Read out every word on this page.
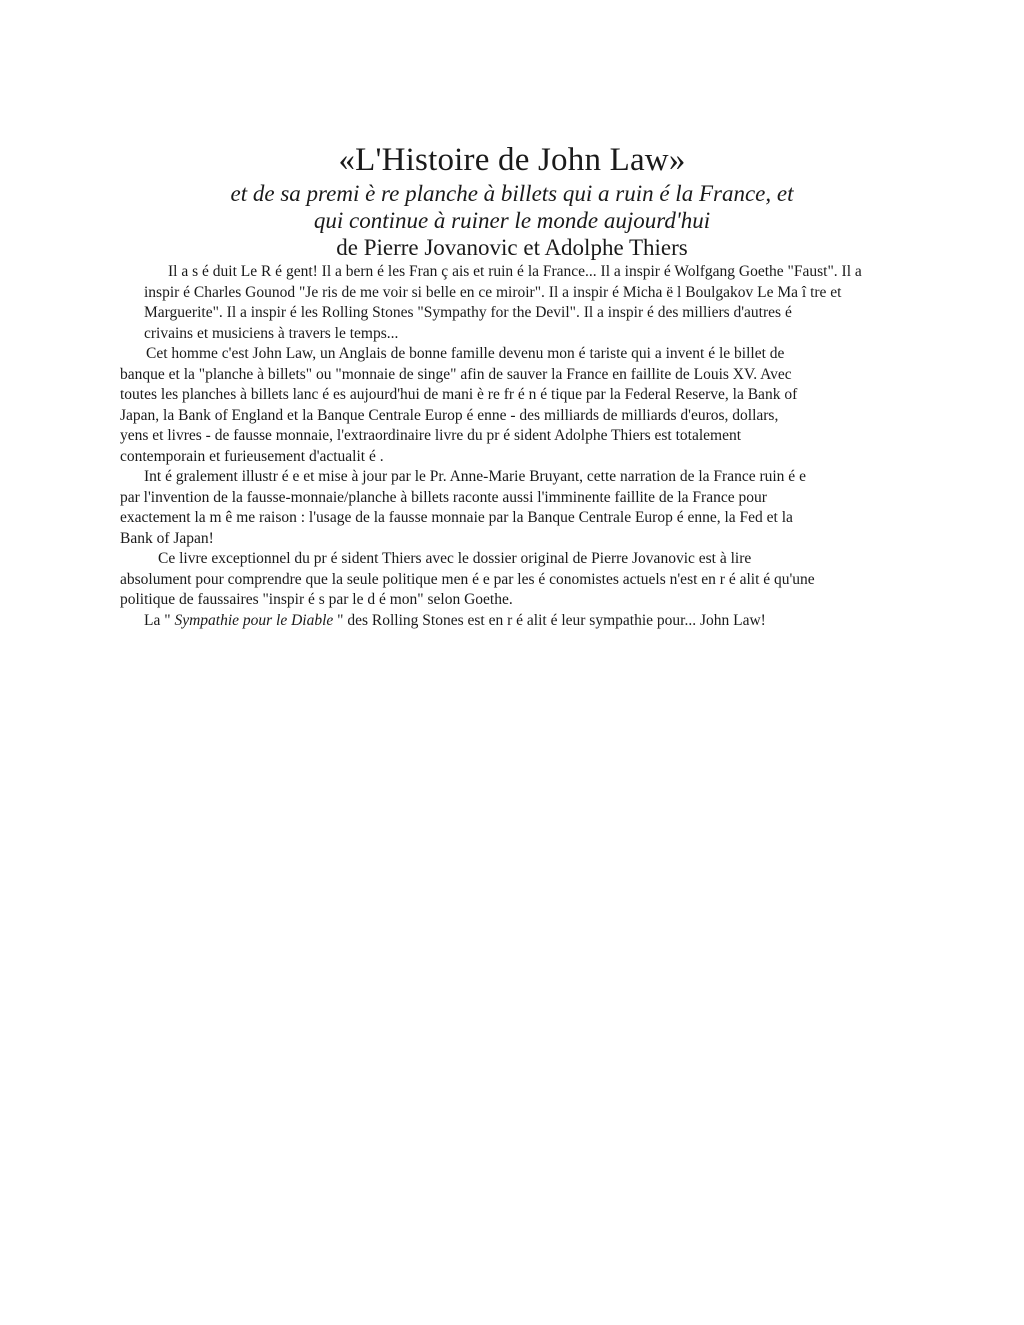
«L'Histoire de John Law»

et de sa premi è re planche à billets qui a ruin é la France, et
qui continue à ruiner le monde aujourd'hui

de Pierre Jovanovic et Adolphe Thiers

Il a s é duit Le R é gent! Il a bern é les Fran ç ais et ruin é la France... Il a inspir é Wolfgang Goethe "Faust". Il a
inspir é Charles Gounod "Je ris de me voir si belle en ce miroir". Il a inspir é Micha ë l Boulgakov Le Ma î tre et
Marguerite". Il a inspir é les Rolling Stones "Sympathy for the Devil". Il a inspir é des milliers d'autres é
crivains et musiciens à travers le temps...

Cet homme c'est John Law, un Anglais de bonne famille devenu mon é tariste qui a invent é le billet de
banque et la "planche à billets" ou "monnaie de singe" afin de sauver la France en faillite de Louis XV. Avec
toutes les planches à billets lanc é es aujourd'hui de mani è re fr é n é tique par la Federal Reserve, la Bank of
Japan, la Bank of England et la Banque Centrale Europ é enne - des milliards de milliards d'euros, dollars,
yens et livres - de fausse monnaie, l'extraordinaire livre du pr é sident Adolphe Thiers est totalement
contemporain et furieusement d'actualit é .

Int é gralement illustr é e et mise à jour par le Pr. Anne-Marie Bruyant, cette narration de la France ruin é e
par l'invention de la fausse-monnaie/planche à billets raconte aussi l'imminente faillite de la France pour
exactement la m ê me raison : l'usage de la fausse monnaie par la Banque Centrale Europ é enne, la Fed et la
Bank of Japan!

Ce livre exceptionnel du pr é sident Thiers avec le dossier original de Pierre Jovanovic est à lire
absolument pour comprendre que la seule politique men é e par les é conomistes actuels n'est en r é alit é qu'une
politique de faussaires "inspir é s par le d é mon" selon Goethe.

La " Sympathie pour le Diable " des Rolling Stones est en r é alit é leur sympathie pour... John Law!
